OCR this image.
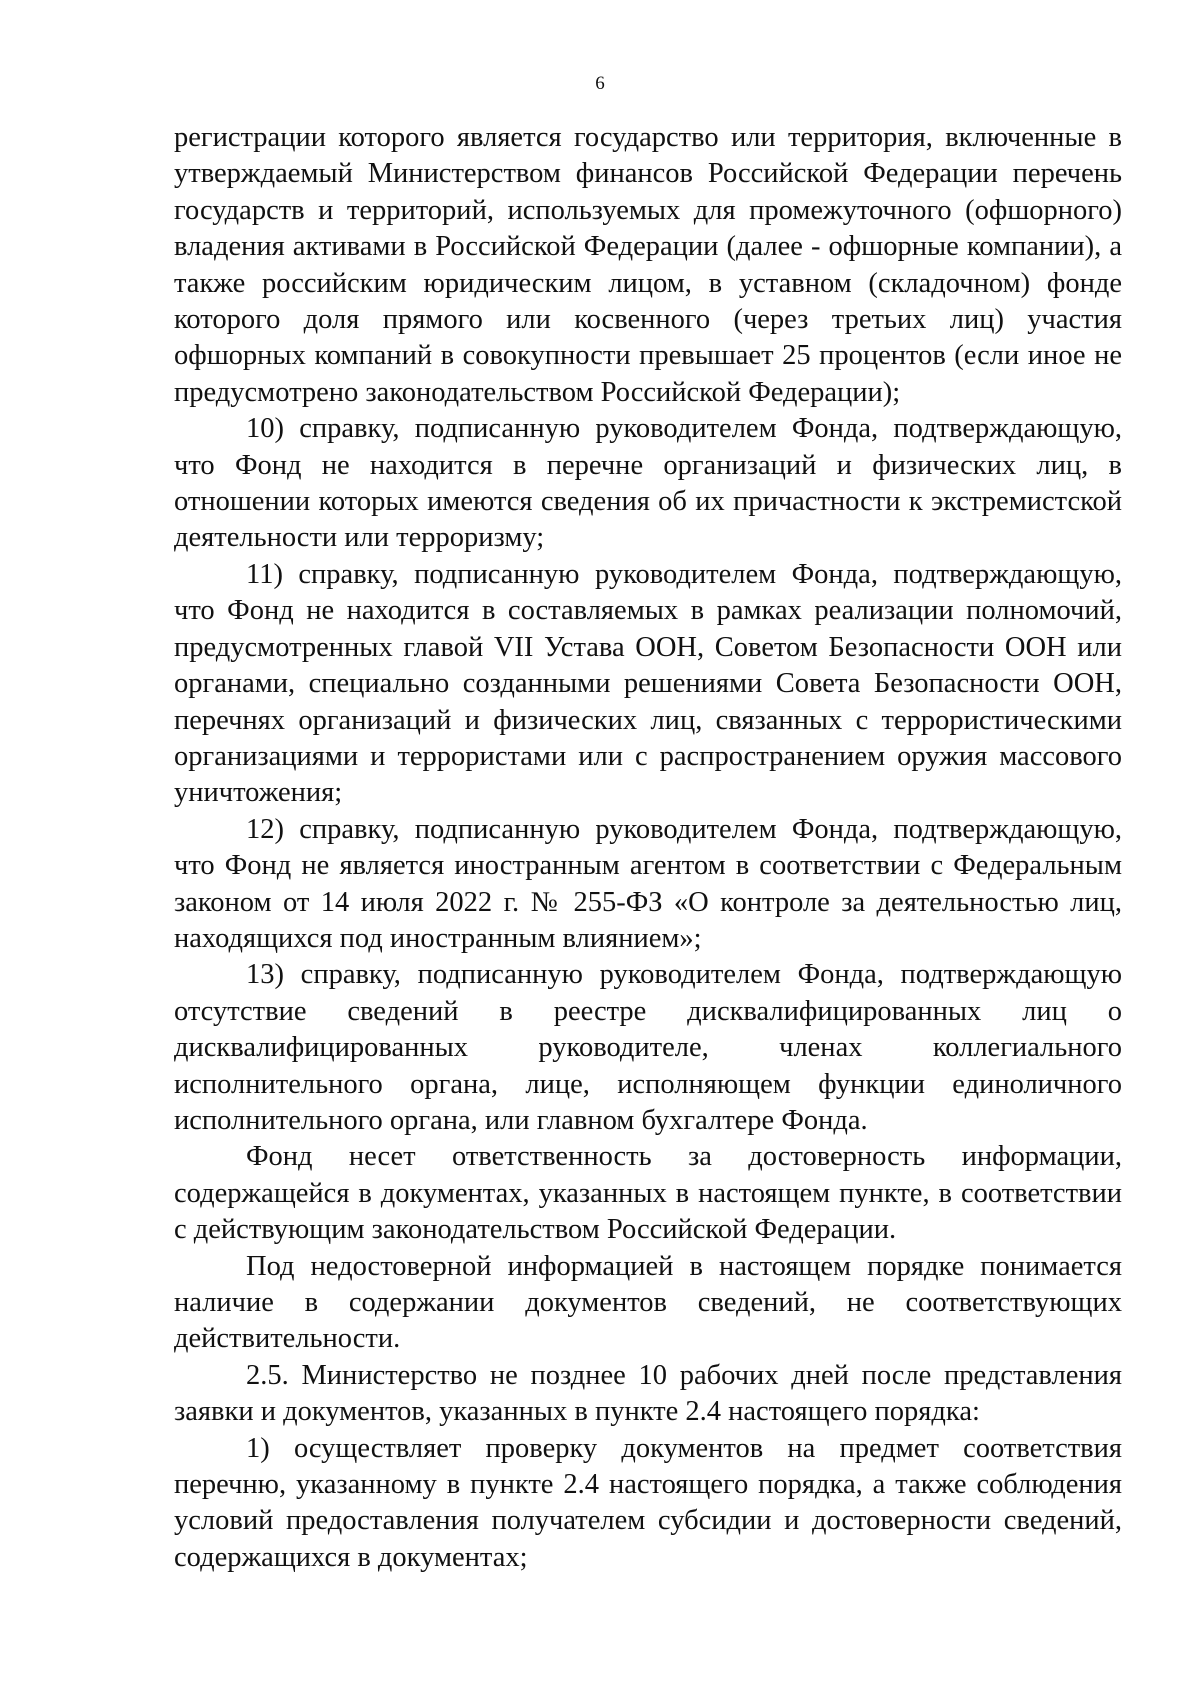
6

регистрации которого является государство или территория, включенные в утверждаемый Министерством финансов Российской Федерации перечень государств и территорий, используемых для промежуточного (офшорного) владения активами в Российской Федерации (далее - офшорные компании), а также российским юридическим лицом, в уставном (складочном) фонде которого доля прямого или косвенного (через третьих лиц) участия офшорных компаний в совокупности превышает 25 процентов (если иное не предусмотрено законодательством Российской Федерации);

10) справку, подписанную руководителем Фонда, подтверждающую, что Фонд не находится в перечне организаций и физических лиц, в отношении которых имеются сведения об их причастности к экстремистской деятельности или терроризму;

11) справку, подписанную руководителем Фонда, подтверждающую, что Фонд не находится в составляемых в рамках реализации полномочий, предусмотренных главой VII Устава ООН, Советом Безопасности ООН или органами, специально созданными решениями Совета Безопасности ООН, перечнях организаций и физических лиц, связанных с террористическими организациями и террористами или с распространением оружия массового уничтожения;

12) справку, подписанную руководителем Фонда, подтверждающую, что Фонд не является иностранным агентом в соответствии с Федеральным законом от 14 июля 2022 г. № 255-ФЗ «О контроле за деятельностью лиц, находящихся под иностранным влиянием»;

13) справку, подписанную руководителем Фонда, подтверждающую отсутствие сведений в реестре дисквалифицированных лиц о дисквалифицированных руководителе, членах коллегиального исполнительного органа, лице, исполняющем функции единоличного исполнительного органа, или главном бухгалтере Фонда.

Фонд несет ответственность за достоверность информации, содержащейся в документах, указанных в настоящем пункте, в соответствии с действующим законодательством Российской Федерации.

Под недостоверной информацией в настоящем порядке понимается наличие в содержании документов сведений, не соответствующих действительности.

2.5. Министерство не позднее 10 рабочих дней после представления заявки и документов, указанных в пункте 2.4 настоящего порядка:

1) осуществляет проверку документов на предмет соответствия перечню, указанному в пункте 2.4 настоящего порядка, а также соблюдения условий предоставления получателем субсидии и достоверности сведений, содержащихся в документах;
